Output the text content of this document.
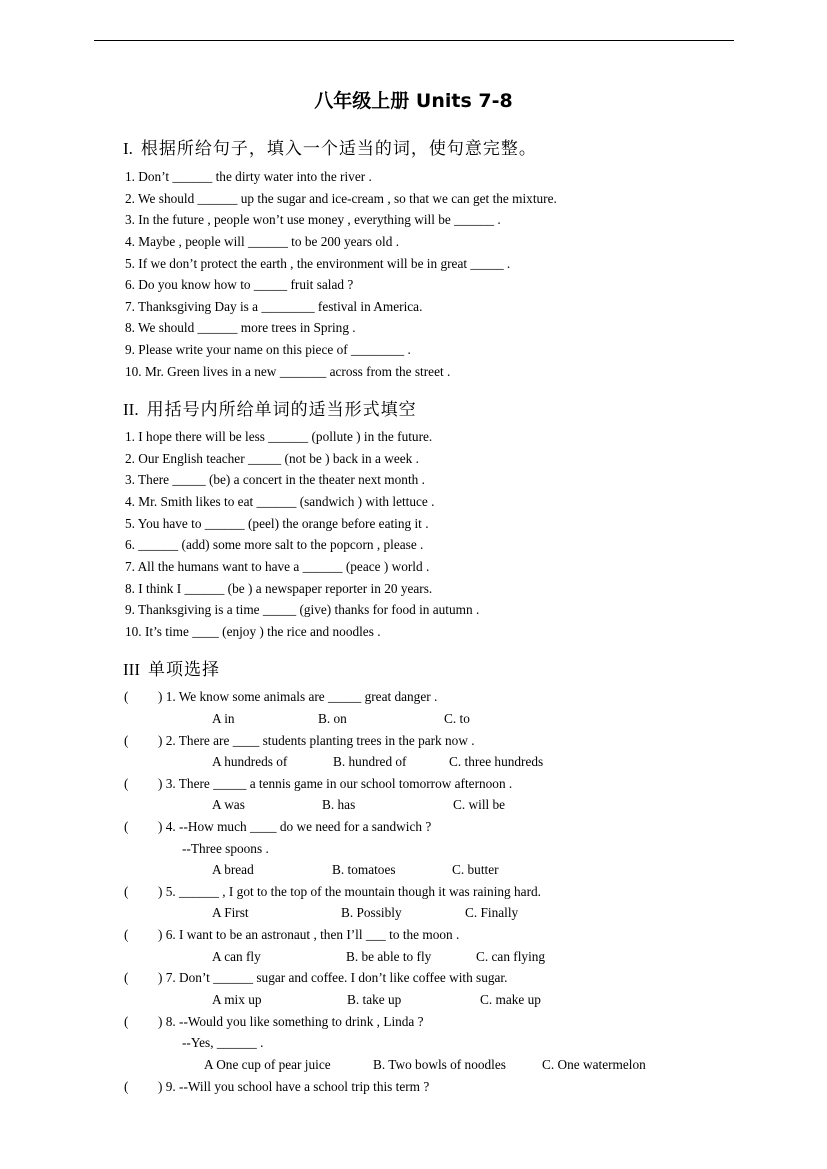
八年级上册 Units 7-8
I. 根据所给句子，填入一个适当的词，使句意完整。
1. Don’t ______ the dirty water into the river .
2. We should ______ up the sugar and ice-cream , so that we can get the mixture.
3. In the future , people won’t use money , everything will be ______ .
4. Maybe , people will ______ to be 200 years old .
5. If we don’t protect the earth , the environment will be in great _____ .
6. Do you know how to _____ fruit salad ?
7. Thanksgiving Day is a ________ festival in America.
8. We should ______ more trees in Spring .
9. Please write your name on this piece of ________ .
10. Mr. Green lives in a new _______ across from the street .
II. 用括号内所给单词的适当形式填空
1. I hope there will be less ______ (pollute ) in the future.
2. Our English teacher _____ (not be ) back in a week .
3. There _____ (be) a concert in the theater next month .
4. Mr. Smith likes to eat ______ (sandwich ) with lettuce .
5. You have to ______ (peel) the orange before eating it .
6. ______ (add) some more salt to the popcorn , please .
7. All the humans want to have a ______ (peace ) world .
8. I think I ______ (be ) a newspaper reporter in 20 years.
9. Thanksgiving is a time _____ (give) thanks for food in autumn .
10. It’s time ____ (enjoy ) the rice and noodles .
III 单项选择
( ) 1. We know some animals are _____ great danger .
A in	B. on	C. to
( ) 2. There are ____ students planting trees in the park now .
A hundreds of	B. hundred of	C. three hundreds
( ) 3. There _____ a tennis game in our school tomorrow afternoon .
A was	B. has	C. will be
( ) 4. --How much ____ do we need for a sandwich ?
--Three spoons .
A bread	B. tomatoes	C. butter
( ) 5. ______ , I got to the top of the mountain though it was raining hard.
A First	B. Possibly	C. Finally
( ) 6. I want to be an astronaut , then I’ll ___ to the moon .
A can fly	B. be able to fly	C. can flying
( ) 7. Don’t ______ sugar and coffee. I don’t like coffee with sugar.
A mix up	B. take up	C. make up
( ) 8. --Would you like something to drink , Linda ?
--Yes, ______ .
A One cup of pear juice	B. Two bowls of noodles	C. One watermelon
( ) 9. --Will you school have a school trip this term ?
